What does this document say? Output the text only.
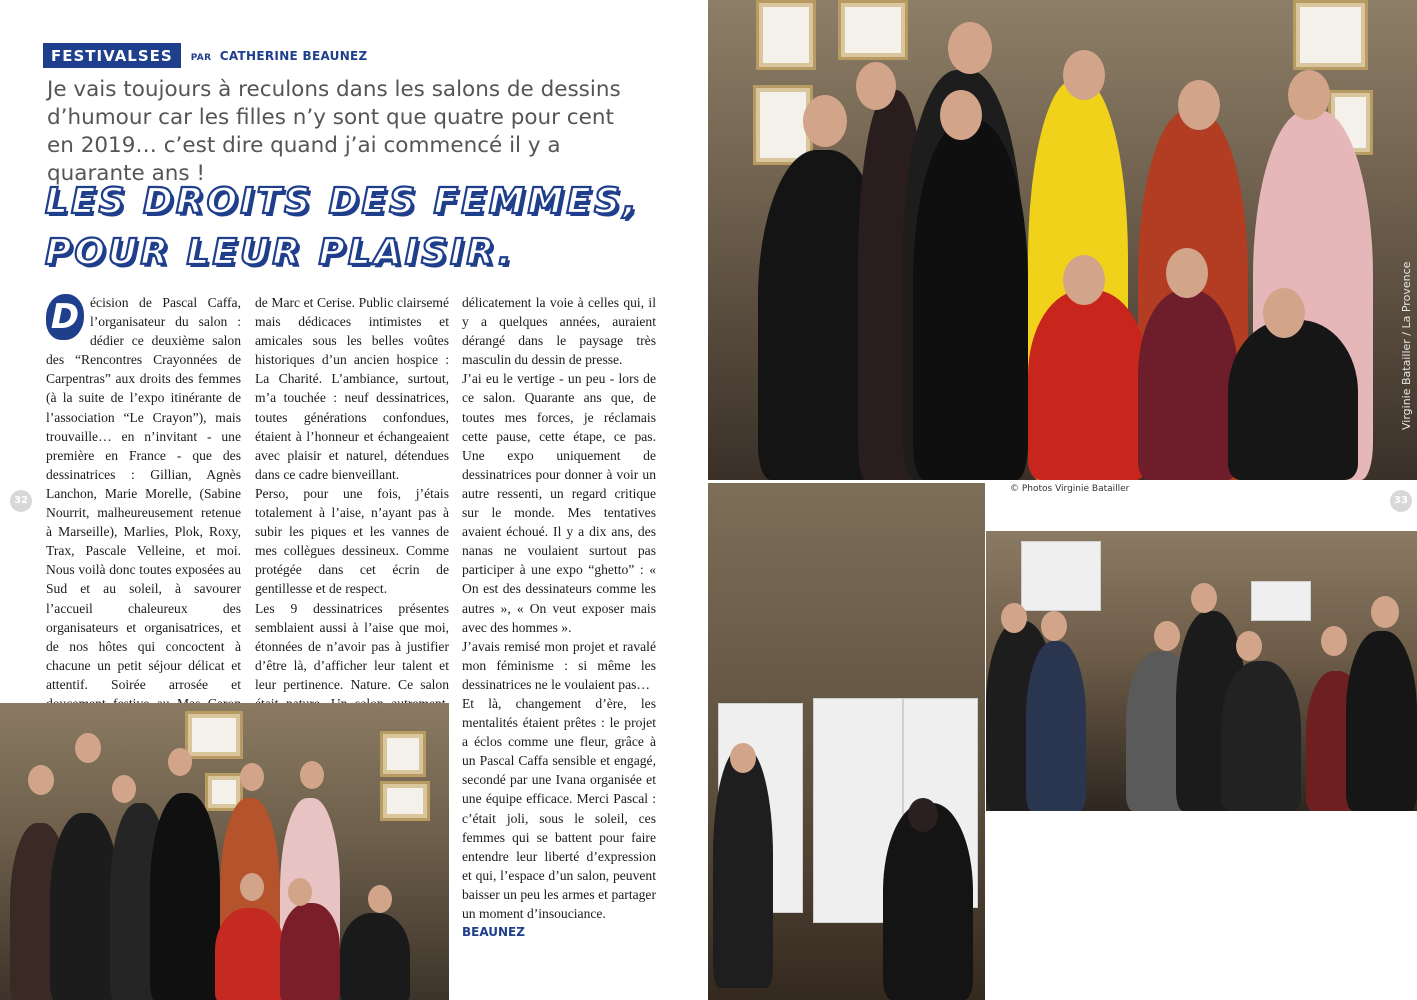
FESTIVALSES	PAR CATHERINE BEAUNEZ

Je vais toujours à reculons dans les salons de dessins d’humour car les filles n’y sont que quatre pour cent en 2019… c’est dire quand j’ai commencé il y a quarante ans !

LES DROITS DES FEMMES,
POUR LEUR PLAISIR.

D écision de Pascal Caffa, l’organisateur du salon : dédier ce deuxième salon des “Rencontres Crayonnées de Carpentras” aux droits des femmes (à la suite de l’expo itinérante de l’association “Le Crayon”), mais trouvaille… en n’invitant - une première en France - que des dessinatrices : Gillian, Agnès Lanchon, Marie Morelle, (Sabine Nourrit, malheureusement retenue à Marseille), Marlies, Plok, Roxy, Trax, Pascale Velleine, et moi. Nous voilà donc toutes exposées au Sud et au soleil, à savourer l’accueil chaleureux des organisateurs et organisatrices, et de nos hôtes qui concoctent à chacune un petit séjour délicat et attentif. Soirée arrosée et

de Marc et Cerise. Public clairsemé mais dédicaces intimistes et amicales sous les belles voûtes historiques d’un ancien hospice : La Charité. L’ambiance, surtout, m’a touchée : neuf dessinatrices, toutes générations confondues, étaient à l’honneur et échangeaient avec plaisir et naturel, détendues dans ce cadre bienveillant.

Perso, pour une fois, j’étais totalement à l’aise, n’ayant pas à subir les piques et les vannes de mes collègues dessineux. Comme protégée dans cet écrin de gentillesse et de respect.

Les 9 dessinatrices présentes semblaient aussi à l’aise que moi, étonnées de n’avoir pas à justifier d’être là, d’afficher leur talent et leur pertinence. Nature. Ce salon

délicatement la voie à celles qui, il y a quelques années, auraient dérangé dans le paysage très masculin du dessin de presse.

J’ai eu le vertige - un peu - lors de ce salon. Quarante ans que, de toutes mes forces, je réclamais cette pause, cette étape, ce pas. Une expo uniquement de dessinatrices pour donner à voir un autre ressenti, un regard critique sur le monde. Mes tentatives avaient échoué. Il y a dix ans, des nanas ne voulaient surtout pas participer à une expo “ghetto” : « On est des dessinateurs comme les autres », « On veut exposer mais avec des hommes ».

J’avais remisé mon projet et ravalé mon féminisme : si même les dessinatrices ne le voulaient pas…

Et là, changement d’ère, les mentalités étaient prêtes : le projet a éclos comme une fleur, grâce à un Pascal Caffa sensible et engagé, secondé par une Ivana organisée et une équipe efficace. Merci Pascal : c’était joli, sous le soleil, ces femmes qui se battent pour faire entendre leur liberté d’expression et qui, l’espace d’un salon, peuvent baisser un peu les armes et partager un moment d’insouciance.

BEAUNEZ
32
Virginie Batailler / La Provence
© Photos Virginie Batailler
33
